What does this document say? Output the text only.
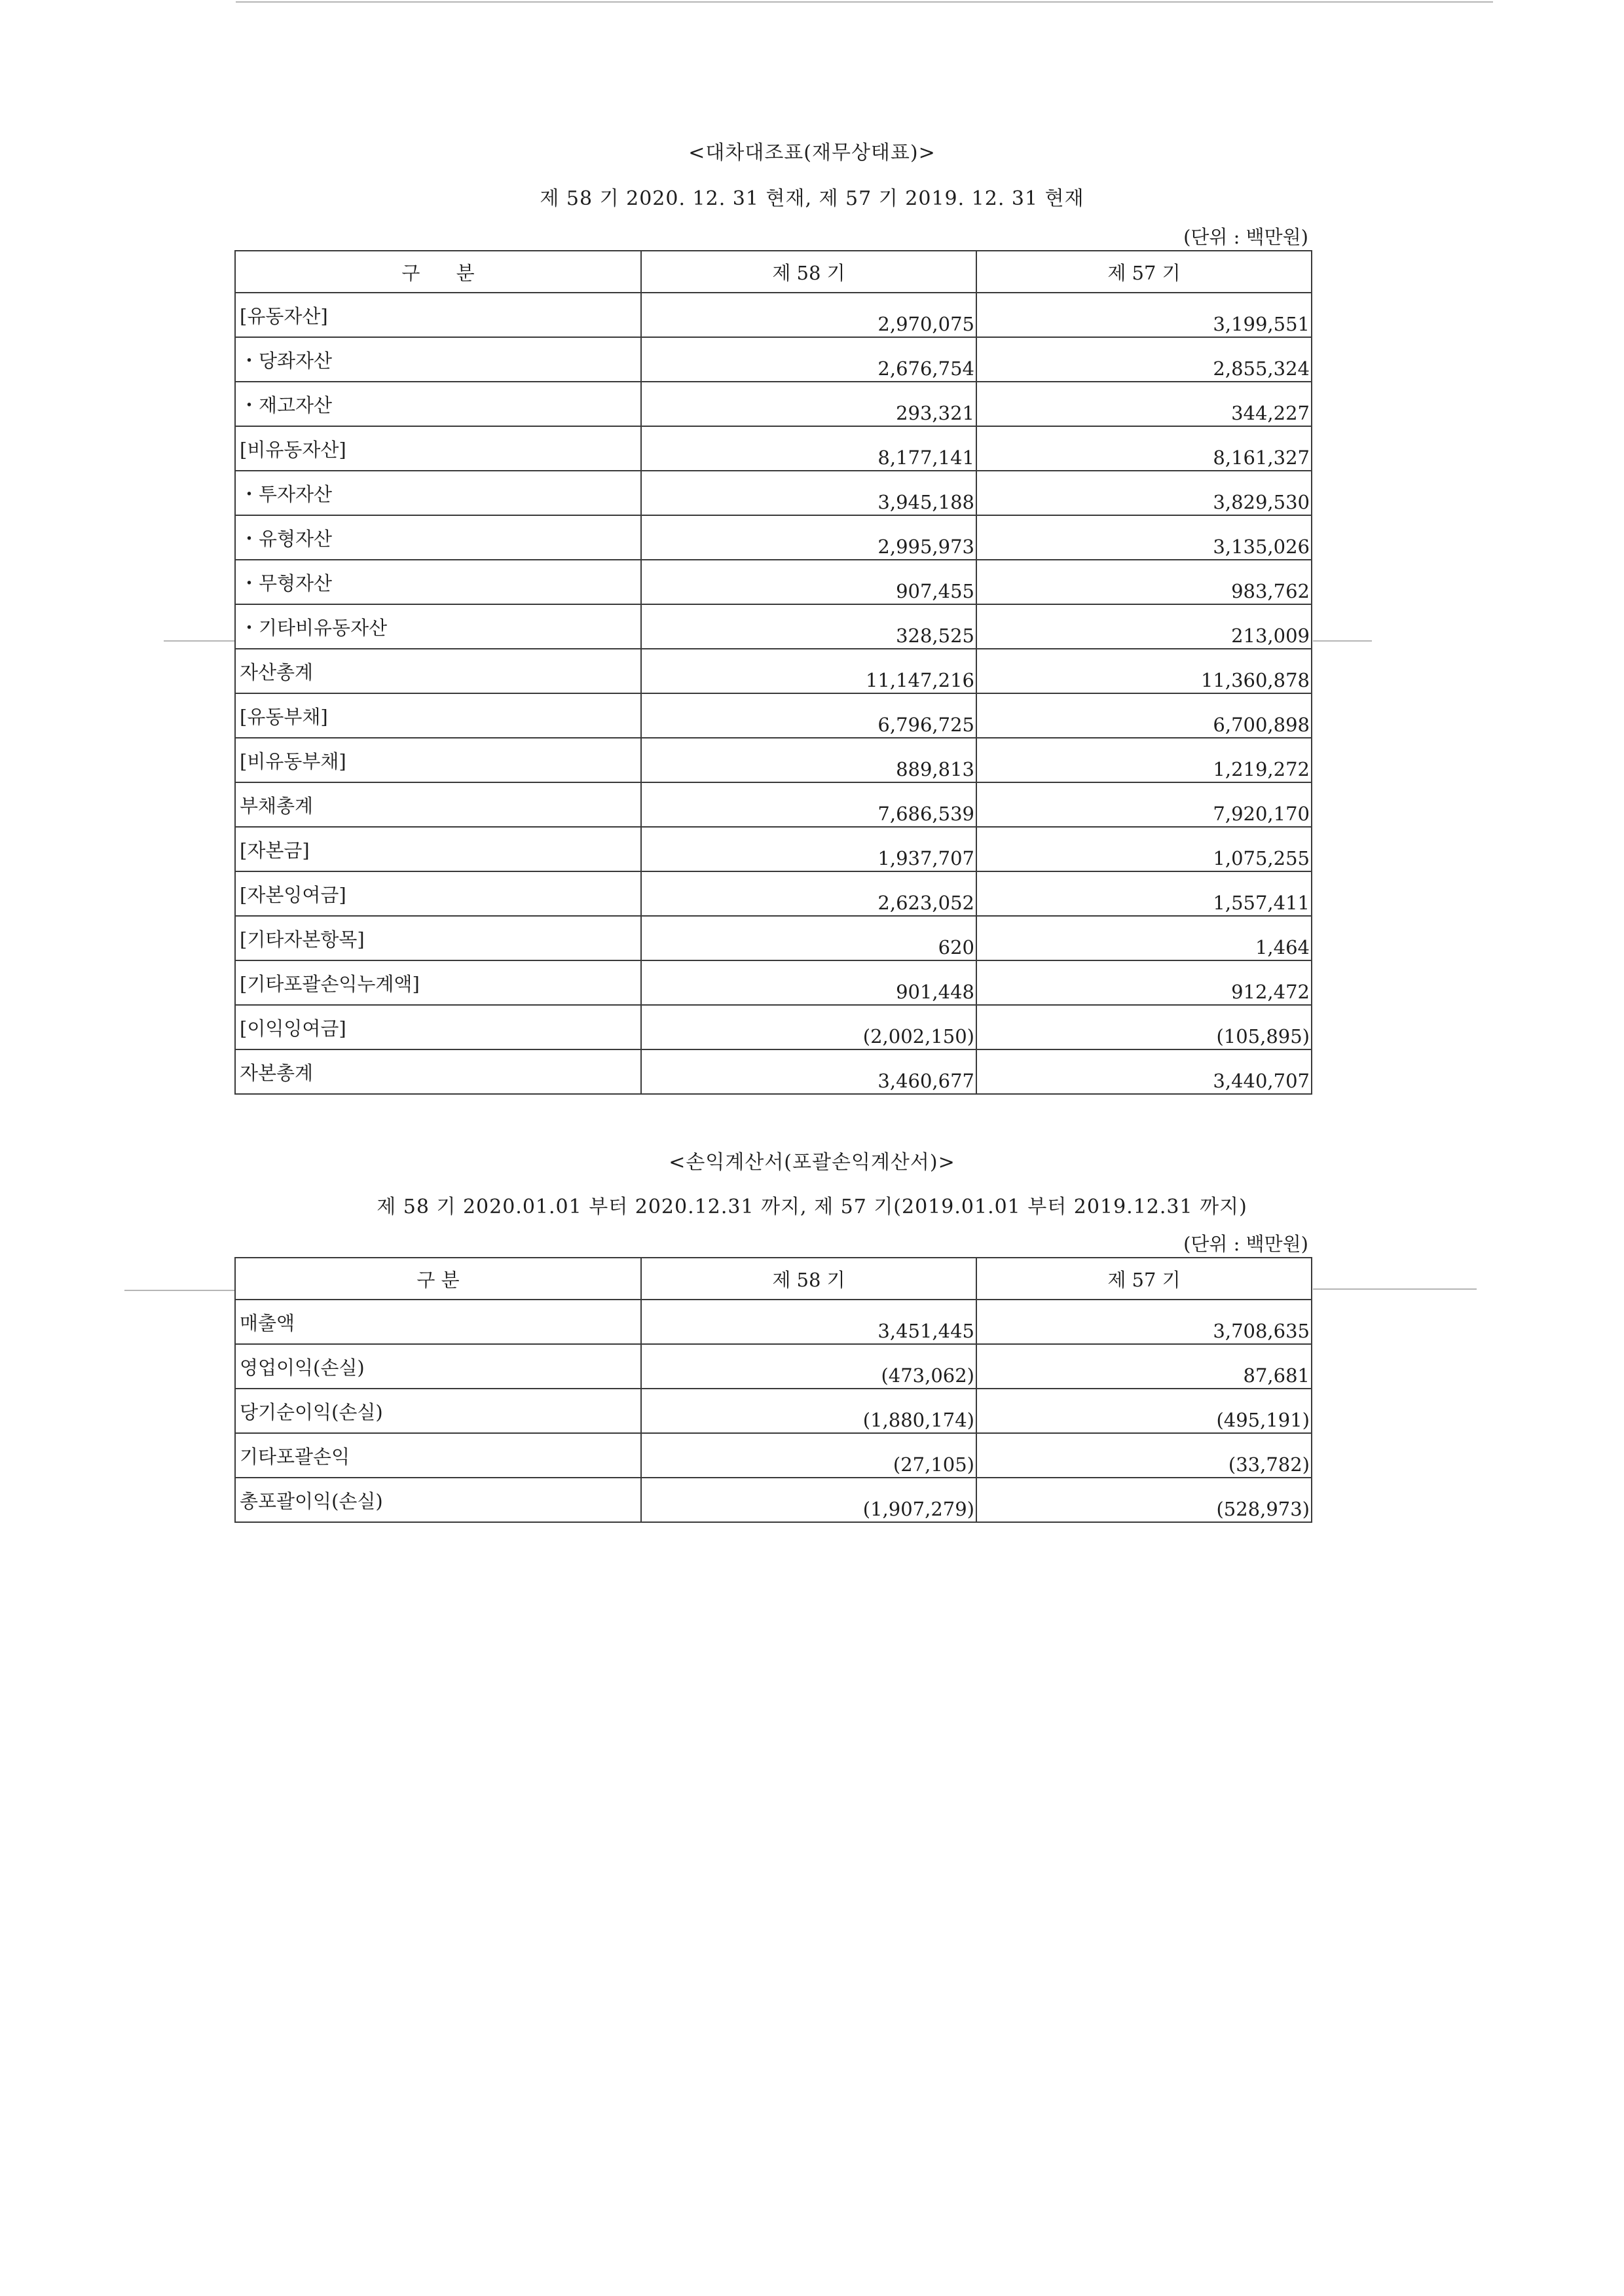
<대차대조표(재무상태표)>
제 58 기 2020. 12. 31 현재, 제 57 기 2019. 12. 31 현재
(단위 : 백만원)
구      분	제 58 기	제 57 기
[유동자산]	2,970,075	3,199,551
・당좌자산	2,676,754	2,855,324
・재고자산	293,321	344,227
[비유동자산]	8,177,141	8,161,327
・투자자산	3,945,188	3,829,530
・유형자산	2,995,973	3,135,026
・무형자산	907,455	983,762
・기타비유동자산	328,525	213,009
자산총계	11,147,216	11,360,878
[유동부채]	6,796,725	6,700,898
[비유동부채]	889,813	1,219,272
부채총계	7,686,539	7,920,170
[자본금]	1,937,707	1,075,255
[자본잉여금]	2,623,052	1,557,411
[기타자본항목]	620	1,464
[기타포괄손익누계액]	901,448	912,472
[이익잉여금]	(2,002,150)	(105,895)
자본총계	3,460,677	3,440,707
<손익계산서(포괄손익계산서)>
제 58 기 2020.01.01 부터 2020.12.31 까지, 제 57 기(2019.01.01 부터 2019.12.31 까지)
(단위 : 백만원)
구 분	제 58 기	제 57 기
매출액	3,451,445	3,708,635
영업이익(손실)	(473,062)	87,681
당기순이익(손실)	(1,880,174)	(495,191)
기타포괄손익	(27,105)	(33,782)
총포괄이익(손실)	(1,907,279)	(528,973)
